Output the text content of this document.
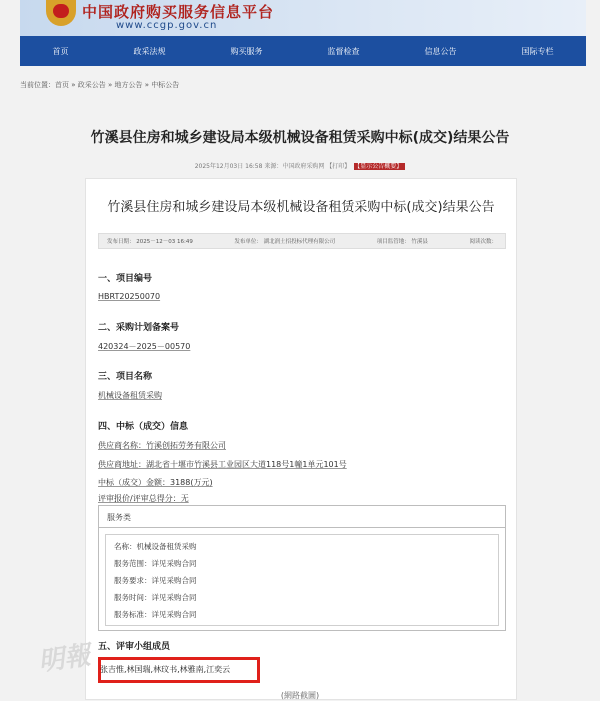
中国政府购买服务信息平台
www.ccgp.gov.cn
首页	政采法规	购买服务	监督检查	信息公告	国际专栏
当前位置：首页 » 政采公告 » 地方公告 » 中标公告
竹溪县住房和城乡建设局本级机械设备租赁采购中标(成交)结果公告
2025年12月03日 16:58 来源：中国政府采购网 【打印】 【显示公告概要】
竹溪县住房和城乡建设局本级机械设备租赁采购中标(成交)结果公告
发布日期： 2025－12－03 16:49	发布单位： 湖北润土招投标代理有限公司	项目监管地： 竹溪县	阅读次数：
一、项目编号
HBRT20250070
二、采购计划备案号
420324－2025－00570
三、项目名称
机械设备租赁采购
四、中标（成交）信息
供应商名称：竹溪创拓劳务有限公司
供应商地址：湖北省十堰市竹溪县工业园区大道118号1幢1单元101号
中标（成交）金额：3188(万元)
评审报价/评审总得分：无
服务类
名称：机械设备租赁采购
服务范围：详见采购合同
服务要求：详见采购合同
服务时间：详见采购合同
服务标准：详见采购合同
五、评审小组成员
张吉惟,林国瑞,林玟书,林雅南,江奕云
明報
(網路截圖)
